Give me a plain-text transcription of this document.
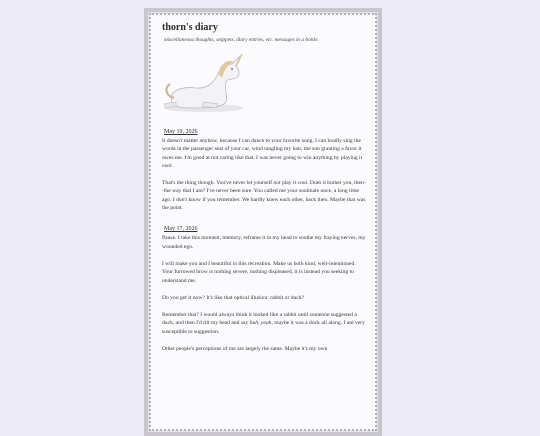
thorn's diary
miscellaneous thoughts, snippets, diary entries, etc. messages in a bottle.
May 19, 2026

It doesn't matter anyhow, because I can dance to your favorite song. I can loudly sing the words in the passenger seat of your car, wind tangling my hair, the sun granting a favor it owes me. I'm good at not caring like that. I was never going to win anything by playing it cool.

That's the thing though. You've never let yourself not play it cool. Does it bother you, then--the way that I am? I've never been sure. You called me your soulmate once, a long time ago. I don't know if you remember. We hardly knew each other, back then. Maybe that was the point.

May 17, 2026

Pause. I take this moment, memory, reframe it in my head to soothe my fraying nerves, my wounded ego.

I will make you and I beautiful in this recreation. Make us both kind, well-intentioned. Your furrowed brow is nothing severe, nothing displeased, it is instead you seeking to understand me.

Do you get it now? It's like that optical illusion: rabbit or duck?

Remember that? I would always think it looked like a rabbit until someone suggested a duck, and then I'd tilt my head and say huh, yeah, maybe it was a duck all along. I am very susceptible to suggestion.

Other people's perceptions of me are largely the same. Maybe it's my own
